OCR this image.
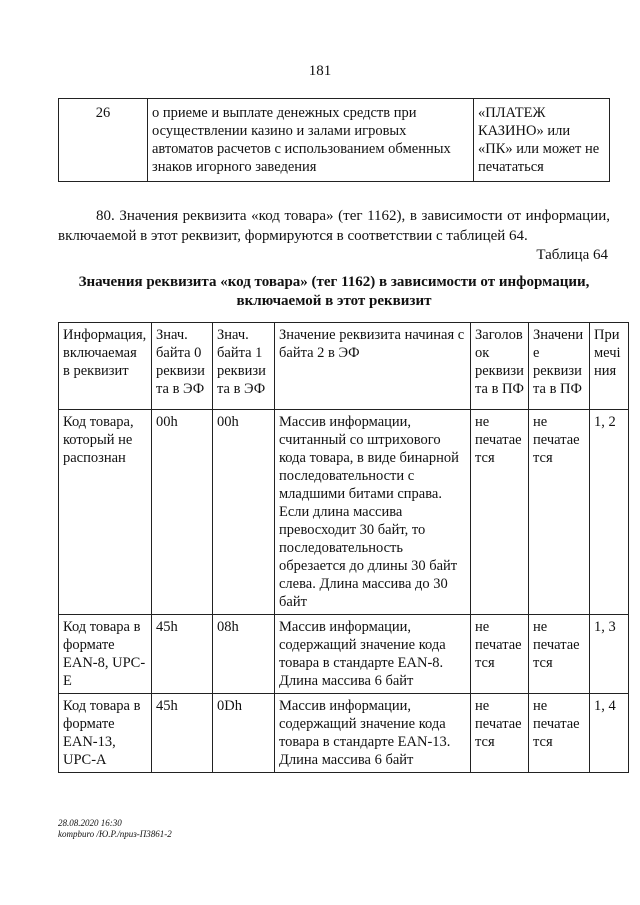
181
26	о приеме и выплате денежных средств при осуществлении казино и залами игровых автоматов расчетов с использованием обменных знаков игорного заведения	«ПЛАТЕЖ КАЗИНО» или «ПК» или может не печататься
80. Значения реквизита «код товара» (тег 1162), в зависимости от информации, включаемой в этот реквизит, формируются в соответствии с таблицей 64.
Таблица 64
Значения реквизита «код товара» (тег 1162) в зависимости от информации, включаемой в этот реквизит
Информация, включаемая в реквизит	Знач. байта 0 реквизи та в ЭФ	Знач. байта 1 реквизи та в ЭФ	Значение реквизита начиная с байта 2 в ЭФ	Заголов ок реквизи та в ПФ	Значени е реквизи та в ПФ	При мечі ния
Код товара, который не распознан	00h	00h	Массив информации, считанный со штрихового кода товара, в виде бинарной последовательности с младшими битами справа. Если длина массива превосходит 30 байт, то последовательность обрезается до длины 30 байт слева. Длина массива до 30 байт	не печатае тся	не печатае тся	1, 2
Код товара в формате EAN-8, UPC-E	45h	08h	Массив информации, содержащий значение кода товара в стандарте EAN-8. Длина массива 6 байт	не печатае тся	не печатае тся	1, 3
Код товара в формате EAN-13, UPC-A	45h	0Dh	Массив информации, содержащий значение кода товара в стандарте EAN-13. Длина массива 6 байт	не печатае тся	не печатае тся	1, 4
28.08.2020 16:30
kompburo /Ю.Р./приз-П3861-2
